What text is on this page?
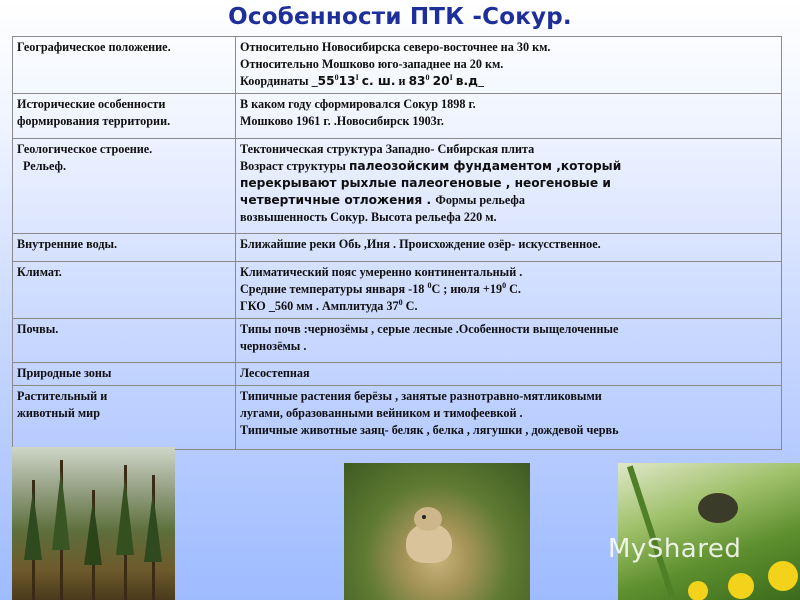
Особенности ПТК -Сокур.
Географическое положение.	Относительно Новосибирска северо-восточнее на 30 км.
Относительно Мошково юго-западнее на 20 км.
Координаты $\_55^013^I$ с. ш. и $83^0$ $20^I$ в.д_

Исторические особенности
формирования территории.	В каком году сформировался Сокур 1898 г.
Мошково 1961 г. .Новосибирск 1903г.

Геологическое строение.
Рельеф.	Тектоническая структура Западно- Сибирская плита
Возраст структуры палеозойским фундаментом ,который
перекрывают рыхлые палеогеновые , неогеновые и
четвертичные отложения . Формы рельефа
возвышенность Сокур. Высота рельефа 220 м.

Внутренние воды.	Ближайшие реки Обь ,Иня . Происхождение озёр- искусственное.

Климат.	Климатический пояс умеренно континентальный .
Средние температуры января -18 $^0$С ; июля $+19^0$ С.
ГКО _560 мм . Амплитуда $37^0$ С.

Почвы.	Типы почв :чернозёмы , серые лесные .Особенности выщелоченные
чернозёмы .

Природные зоны	Лесостепная

Растительный и
животный мир	Типичные растения берёзы , занятые разнотравно-мятликовыми
лугами, образованными вейником и тимофеевкой .
Типичные животные заяц- беляк , белка , лягушки , дождевой червь
MyShared
